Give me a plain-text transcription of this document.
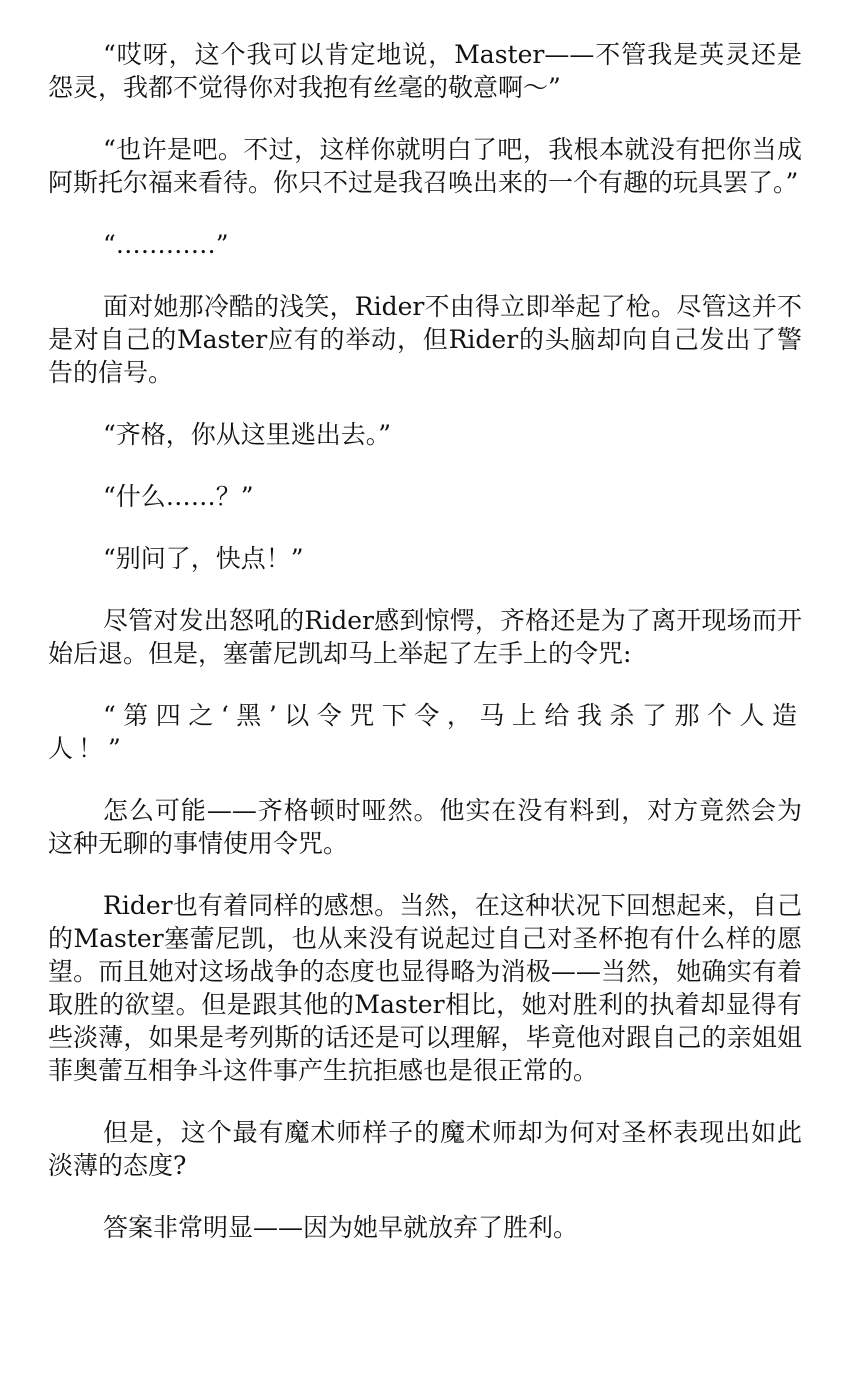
“哎呀，这个我可以肯定地说，Master——不管我是英灵还是怨灵，我都不觉得你对我抱有丝毫的敬意啊～”

“也许是吧。不过，这样你就明白了吧，我根本就没有把你当成阿斯托尔福来看待。你只不过是我召唤出来的一个有趣的玩具罢了。”

“…………”

面对她那冷酷的浅笑，Rider不由得立即举起了枪。尽管这并不是对自己的Master应有的举动，但Rider的头脑却向自己发出了警告的信号。

“齐格，你从这里逃出去。”

“什么……？”

“别问了，快点！”

尽管对发出怒吼的Rider感到惊愕，齐格还是为了离开现场而开始后退。但是，塞蕾尼凯却马上举起了左手上的令咒:

“第四之‘黑’以令咒下令，马上给我杀了那个人造人！”

怎么可能——齐格顿时哑然。他实在没有料到，对方竟然会为这种无聊的事情使用令咒。

Rider也有着同样的感想。当然，在这种状况下回想起来，自己的Master塞蕾尼凯，也从来没有说起过自己对圣杯抱有什么样的愿望。而且她对这场战争的态度也显得略为消极——当然，她确实有着取胜的欲望。但是跟其他的Master相比，她对胜利的执着却显得有些淡薄，如果是考列斯的话还是可以理解，毕竟他对跟自己的亲姐姐菲奥蕾互相争斗这件事产生抗拒感也是很正常的。

但是，这个最有魔术师样子的魔术师却为何对圣杯表现出如此淡薄的态度?

答案非常明显——因为她早就放弃了胜利。
